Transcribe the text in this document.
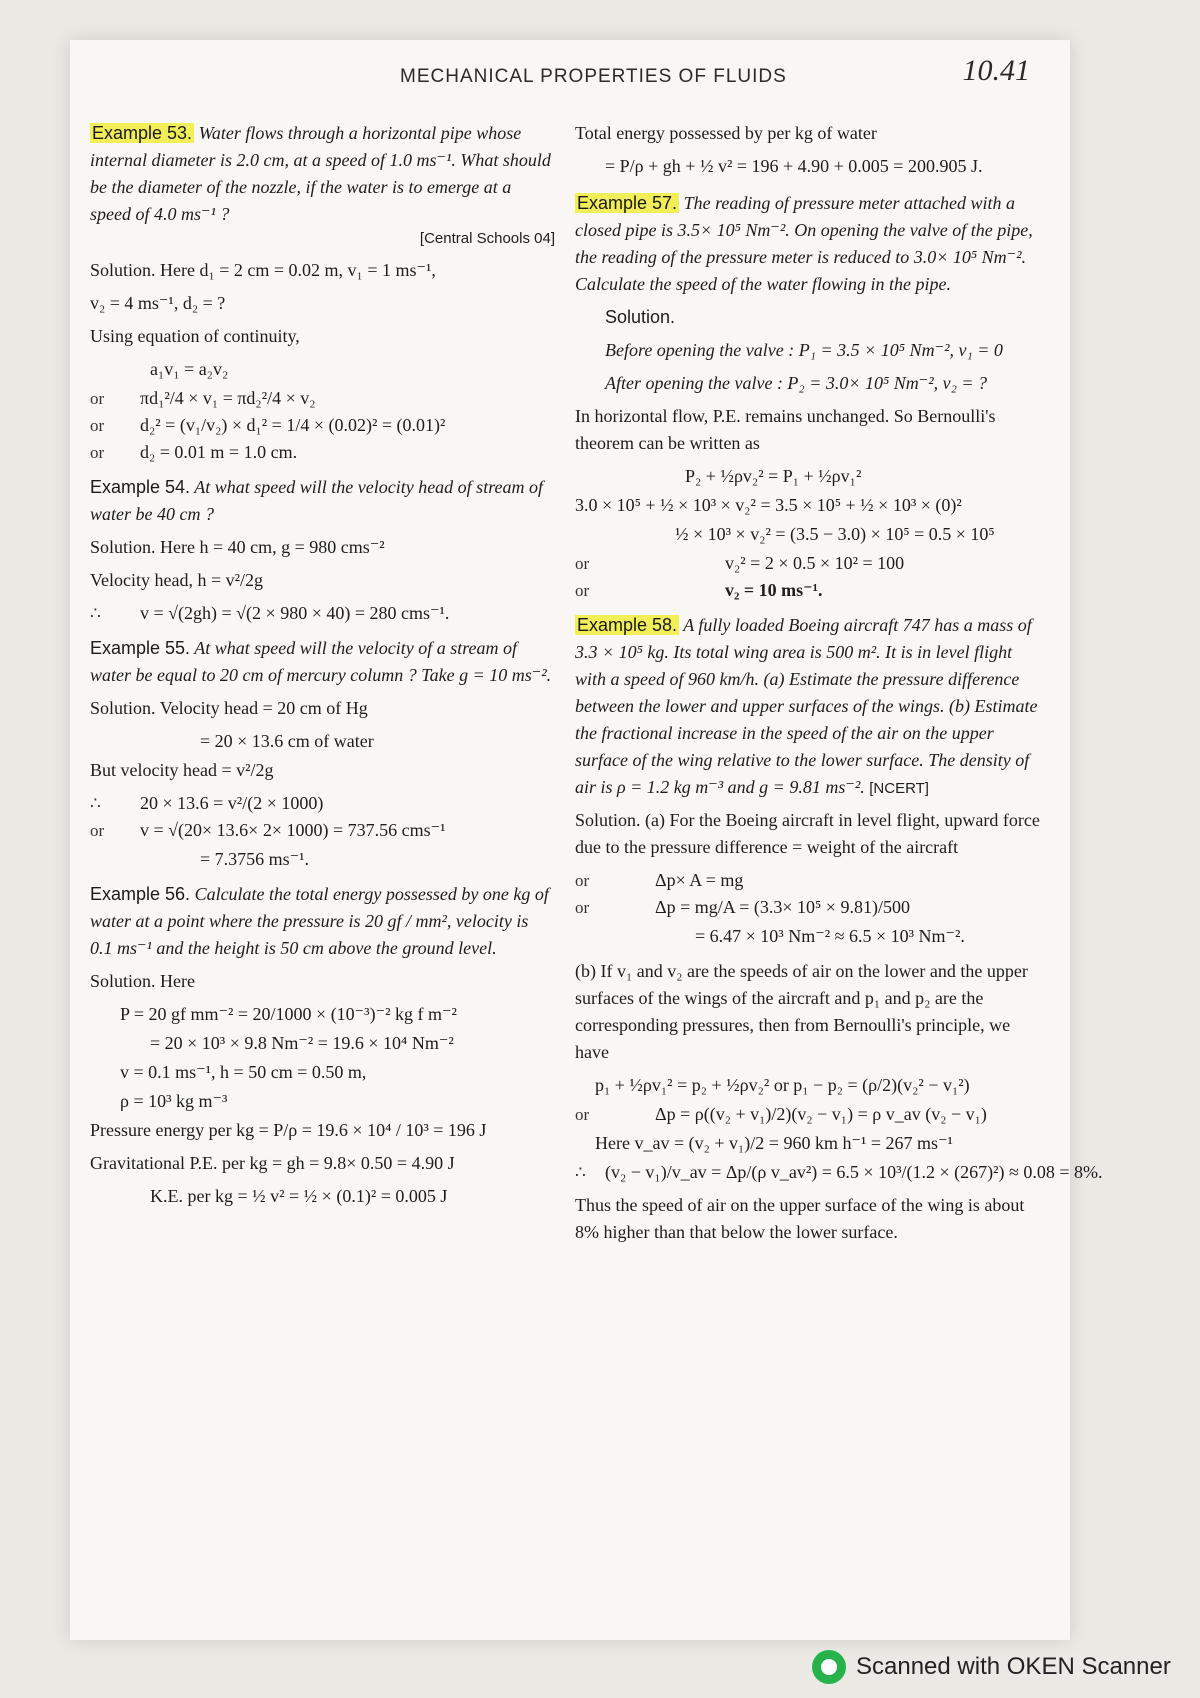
MECHANICAL PROPERTIES OF FLUIDS	10.41
Example 53. Water flows through a horizontal pipe whose internal diameter is 2.0 cm, at a speed of 1.0 ms⁻¹. What should be the diameter of the nozzle, if the water is to emerge at a speed of 4.0 ms⁻¹ ?
[Central Schools 04]
Solution. Here d₁ = 2 cm = 0.02 m, v₁ = 1 ms⁻¹,
v₂ = 4 ms⁻¹, d₂ = ?
Using equation of continuity,
a₁v₁ = a₂v₂
or πd₁²/4 × v₁ = πd₂²/4 × v₂
or d₂² = (v₁/v₂) × d₁² = 1/4 × (0.02)² = (0.01)²
or d₂ = 0.01 m = 1.0 cm.
Example 54. At what speed will the velocity head of stream of water be 40 cm ?
Solution. Here h = 40 cm, g = 980 cms⁻²
Velocity head, h = v²/2g
∴ v = √(2gh) = √(2 × 980 × 40) = 280 cms⁻¹.
Example 55. At what speed will the velocity of a stream of water be equal to 20 cm of mercury column ? Take g = 10 ms⁻².
Solution. Velocity head = 20 cm of Hg
= 20 × 13.6 cm of water
But velocity head = v²/2g
∴ 20 × 13.6 = v²/(2 × 1000)
or v = √(20× 13.6× 2× 1000) = 737.56 cms⁻¹
= 7.3756 ms⁻¹.
Example 56. Calculate the total energy possessed by one kg of water at a point where the pressure is 20 gf / mm², velocity is 0.1 ms⁻¹ and the height is 50 cm above the ground level.
Solution. Here
P = 20 gf mm⁻² = 20/1000 × (10⁻³)⁻² kg f m⁻²
= 20 × 10³ × 9.8 Nm⁻² = 19.6 × 10⁴ Nm⁻²
v = 0.1 ms⁻¹, h = 50 cm = 0.50 m,
ρ = 10³ kg m⁻³
Pressure energy per kg = P/ρ = 19.6 × 10⁴ / 10³ = 196 J
Gravitational P.E. per kg = gh = 9.8× 0.50 = 4.90 J
K.E. per kg = ½ v² = ½ × (0.1)² = 0.005 J
Total energy possessed by per kg of water
= P/ρ + gh + ½ v² = 196 + 4.90 + 0.005 = 200.905 J.
Example 57. The reading of pressure meter attached with a closed pipe is 3.5× 10⁵ Nm⁻². On opening the valve of the pipe, the reading of the pressure meter is reduced to 3.0× 10⁵ Nm⁻². Calculate the speed of the water flowing in the pipe.
Solution.
Before opening the valve : P₁ = 3.5 × 10⁵ Nm⁻², v₁ = 0
After opening the valve : P₂ = 3.0× 10⁵ Nm⁻², v₂ = ?
In horizontal flow, P.E. remains unchanged. So Bernoulli's theorem can be written as
P₂ + ½ρv₂² = P₁ + ½ρv₁²
3.0 × 10⁵ + ½ × 10³ × v₂² = 3.5 × 10⁵ + ½ × 10³ × (0)²
½ × 10³ × v₂² = (3.5 − 3.0) × 10⁵ = 0.5 × 10⁵
or	v₂² = 2 × 0.5 × 10² = 100
or	v₂ = 10 ms⁻¹.
Example 58. A fully loaded Boeing aircraft 747 has a mass of 3.3 × 10⁵ kg. Its total wing area is 500 m². It is in level flight with a speed of 960 km/h. (a) Estimate the pressure difference between the lower and upper surfaces of the wings. (b) Estimate the fractional increase in the speed of the air on the upper surface of the wing relative to the lower surface. The density of air is ρ = 1.2 kg m⁻³ and g = 9.81 ms⁻². [NCERT]
Solution. (a) For the Boeing aircraft in level flight, upward force due to the pressure difference = weight of the aircraft
or	Δp× A = mg
or	Δp = mg/A = (3.3× 10⁵ × 9.81)/500
= 6.47 × 10³ Nm⁻² ≈ 6.5 × 10³ Nm⁻².
(b) If v₁ and v₂ are the speeds of air on the lower and the upper surfaces of the wings of the aircraft and p₁ and p₂ are the corresponding pressures, then from Bernoulli's principle, we have
p₁ + ½ρv₁² = p₂ + ½ρv₂² or p₁ − p₂ = (ρ/2)(v₂² − v₁²)
or	Δp = ρ((v₂ + v₁)/2)(v₂ − v₁) = ρ v_av (v₂ − v₁)
Here v_av = (v₂ + v₁)/2 = 960 km h⁻¹ = 267 ms⁻¹
∴ (v₂ − v₁)/v_av = Δp/(ρ v_av²) = 6.5 × 10³/(1.2 × (267)²) ≈ 0.08 = 8%.
Thus the speed of air on the upper surface of the wing is about 8% higher than that below the lower surface.
Scanned with OKEN Scanner
